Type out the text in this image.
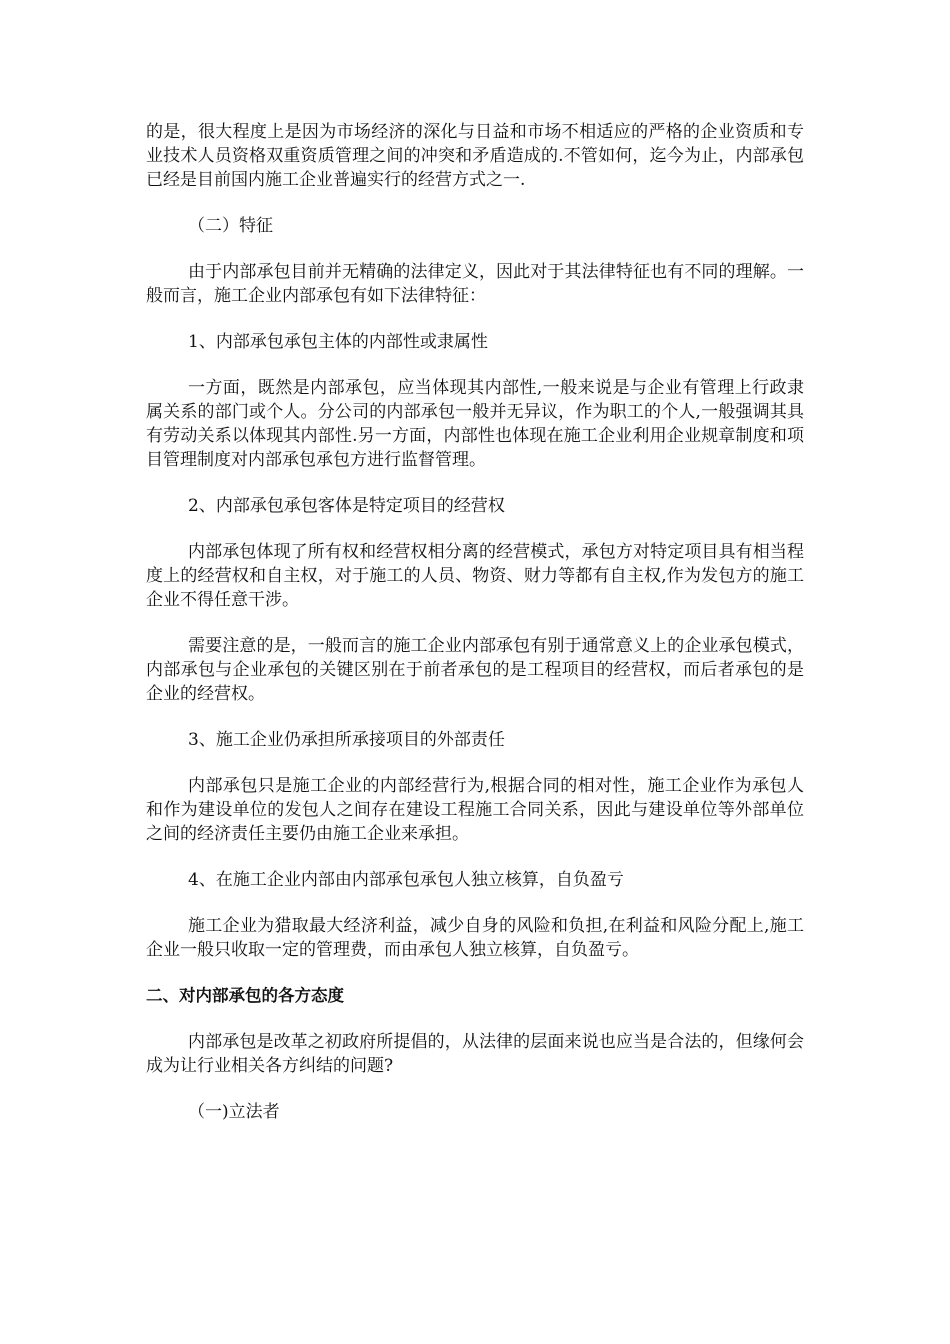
的是，很大程度上是因为市场经济的深化与日益和市场不相适应的严格的企业资质和专业技术人员资格双重资质管理之间的冲突和矛盾造成的.不管如何，迄今为止，内部承包已经是目前国内施工企业普遍实行的经营方式之一.

（二）特征

由于内部承包目前并无精确的法律定义，因此对于其法律特征也有不同的理解。一般而言，施工企业内部承包有如下法律特征：

1、内部承包承包主体的内部性或隶属性

一方面，既然是内部承包，应当体现其内部性,一般来说是与企业有管理上行政隶属关系的部门或个人。分公司的内部承包一般并无异议，作为职工的个人,一般强调其具有劳动关系以体现其内部性.另一方面，内部性也体现在施工企业利用企业规章制度和项目管理制度对内部承包承包方进行监督管理。

2、内部承包承包客体是特定项目的经营权

内部承包体现了所有权和经营权相分离的经营模式，承包方对特定项目具有相当程度上的经营权和自主权，对于施工的人员、物资、财力等都有自主权,作为发包方的施工企业不得任意干涉。

需要注意的是，一般而言的施工企业内部承包有别于通常意义上的企业承包模式，内部承包与企业承包的关键区别在于前者承包的是工程项目的经营权，而后者承包的是企业的经营权。

3、施工企业仍承担所承接项目的外部责任

内部承包只是施工企业的内部经营行为,根据合同的相对性，施工企业作为承包人和作为建设单位的发包人之间存在建设工程施工合同关系，因此与建设单位等外部单位之间的经济责任主要仍由施工企业来承担。

4、在施工企业内部由内部承包承包人独立核算，自负盈亏

施工企业为猎取最大经济利益，减少自身的风险和负担,在利益和风险分配上,施工企业一般只收取一定的管理费，而由承包人独立核算，自负盈亏。

二、对内部承包的各方态度

内部承包是改革之初政府所提倡的，从法律的层面来说也应当是合法的，但缘何会成为让行业相关各方纠结的问题?

（一)立法者
